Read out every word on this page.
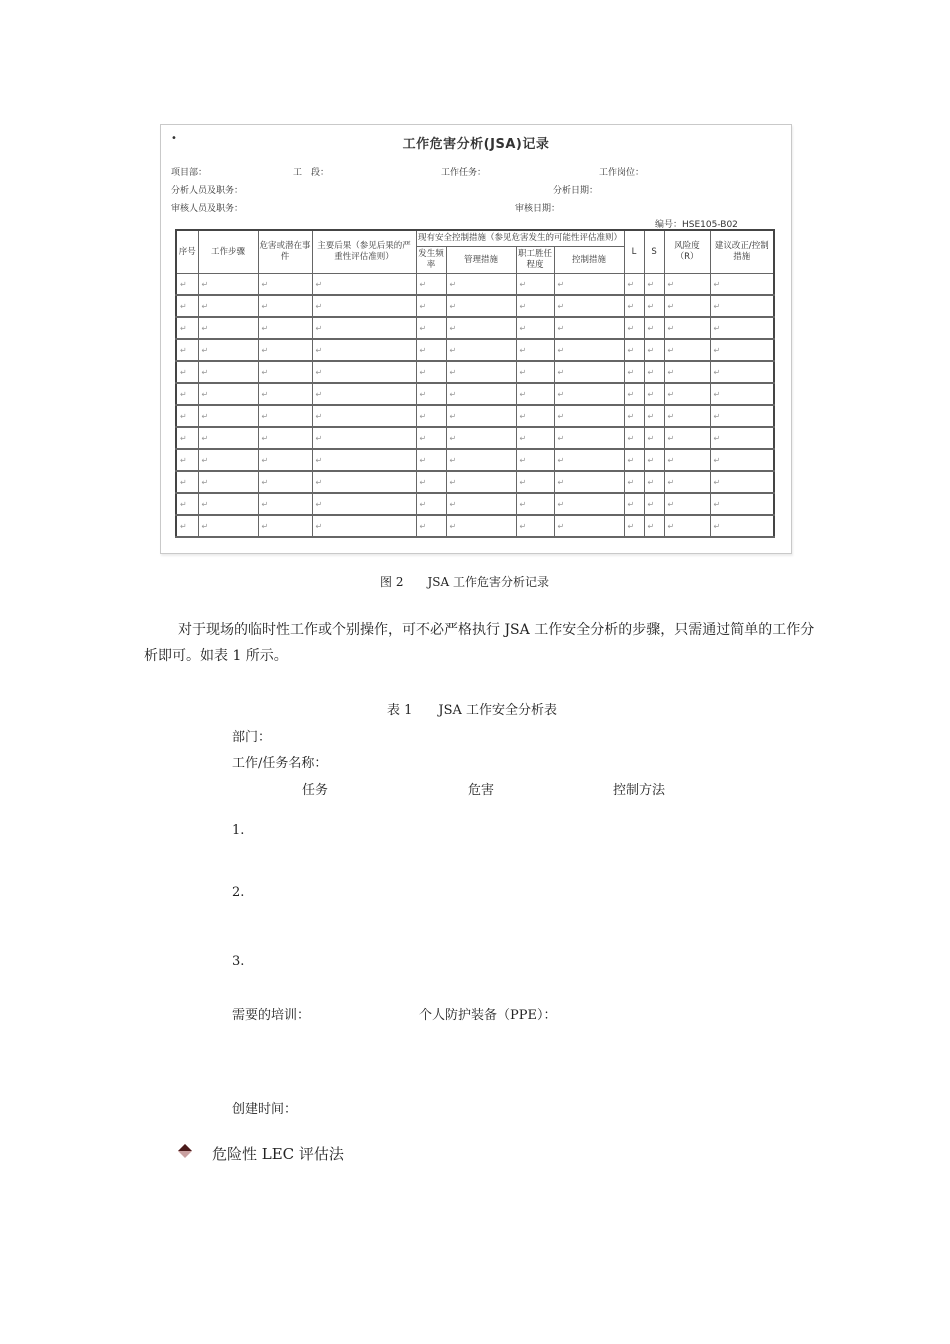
•	工作危害分析(JSA)记录
项目部：	工　段：	工作任务：	工作岗位：
分析人员及职务：	分析日期：
审核人员及职务：	审核日期：
编号：HSE105-B02
序号	工作步骤	危害或潜在事件	主要后果（参见后果的严重性评估准则）	现有安全控制措施（参见危害发生的可能性评估准则）				L	S	风险度（R）	建议改正/控制措施
				发生频率	管理措施	职工胜任程度	控制措施				
↵	↵	↵	↵	↵	↵	↵	↵	↵	↵	↵	↵
↵	↵	↵	↵	↵	↵	↵	↵	↵	↵	↵	↵
↵	↵	↵	↵	↵	↵	↵	↵	↵	↵	↵	↵
↵	↵	↵	↵	↵	↵	↵	↵	↵	↵	↵	↵
↵	↵	↵	↵	↵	↵	↵	↵	↵	↵	↵	↵
↵	↵	↵	↵	↵	↵	↵	↵	↵	↵	↵	↵
↵	↵	↵	↵	↵	↵	↵	↵	↵	↵	↵	↵
↵	↵	↵	↵	↵	↵	↵	↵	↵	↵	↵	↵
↵	↵	↵	↵	↵	↵	↵	↵	↵	↵	↵	↵
↵	↵	↵	↵	↵	↵	↵	↵	↵	↵	↵	↵
↵	↵	↵	↵	↵	↵	↵	↵	↵	↵	↵	↵
↵	↵	↵	↵	↵	↵	↵	↵	↵	↵	↵	↵
图 2　　JSA 工作危害分析记录

对于现场的临时性工作或个别操作，可不必严格执行 JSA 工作安全分析的步骤，只需通过简单的工作分析即可。如表 1 所示。

表 1　　JSA 工作安全分析表
部门：
工作/任务名称：
任务	危害	控制方法
1.
2.
3.
需要的培训：	个人防护装备（PPE）：
创建时间：
危险性 LEC 评估法
